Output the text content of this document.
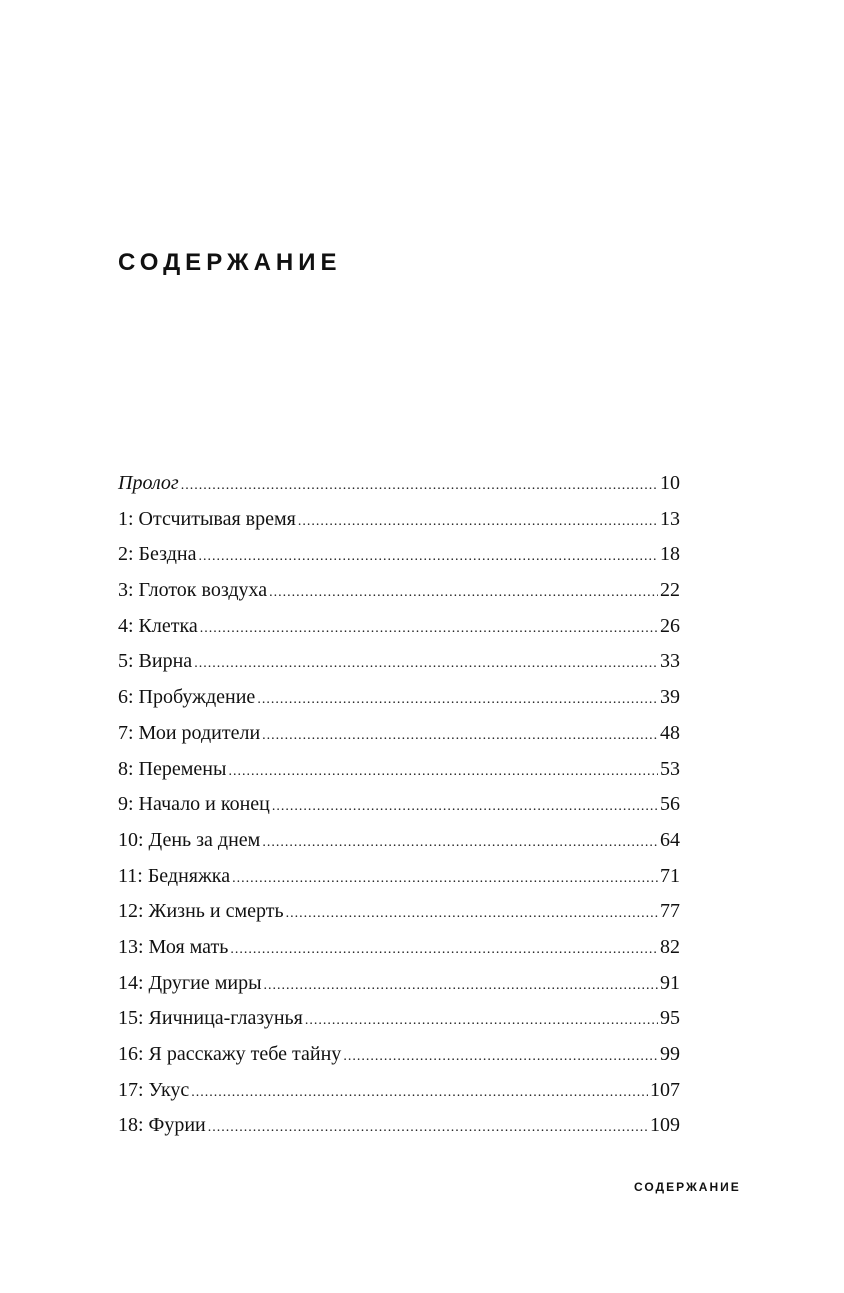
СОДЕРЖАНИЕ
Пролог .....	10
1: Отсчитывая время .....	13
2: Бездна .....	18
3: Глоток воздуха .....	22
4: Клетка .....	26
5: Вирна .....	33
6: Пробуждение .....	39
7: Мои родители .....	48
8: Перемены .....	53
9: Начало и конец .....	56
10: День за днем .....	64
11: Бедняжка .....	71
12: Жизнь и смерть .....	77
13: Моя мать .....	82
14: Другие миры .....	91
15: Яичница-глазунья .....	95
16: Я расскажу тебе тайну .....	99
17: Укус .....	107
18: Фурии .....	109
СОДЕРЖАНИЕ
